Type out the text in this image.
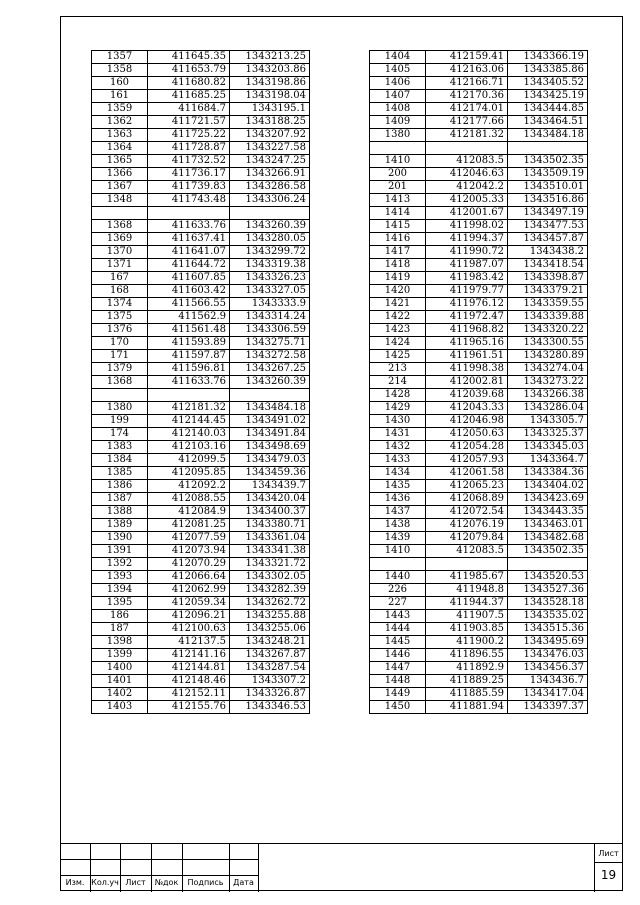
1357	411645.35	1343213.25
1358	411653.79	1343203.86
160	411680.82	1343198.86
161	411685.25	1343198.04
1359	411684.7	1343195.1
1362	411721.57	1343188.25
1363	411725.22	1343207.92
1364	411728.87	1343227.58
1365	411732.52	1343247.25
1366	411736.17	1343266.91
1367	411739.83	1343286.58
1348	411743.48	1343306.24

1368	411633.76	1343260.39
1369	411637.41	1343280.05
1370	411641.07	1343299.72
1371	411644.72	1343319.38
167	411607.85	1343326.23
168	411603.42	1343327.05
1374	411566.55	1343333.9
1375	411562.9	1343314.24
1376	411561.48	1343306.59
170	411593.89	1343275.71
171	411597.87	1343272.58
1379	411596.81	1343267.25
1368	411633.76	1343260.39

1380	412181.32	1343484.18
199	412144.45	1343491.02
174	412140.03	1343491.84
1383	412103.16	1343498.69
1384	412099.5	1343479.03
1385	412095.85	1343459.36
1386	412092.2	1343439.7
1387	412088.55	1343420.04
1388	412084.9	1343400.37
1389	412081.25	1343380.71
1390	412077.59	1343361.04
1391	412073.94	1343341.38
1392	412070.29	1343321.72
1393	412066.64	1343302.05
1394	412062.99	1343282.39
1395	412059.34	1343262.72
186	412096.21	1343255.88
187	412100.63	1343255.06
1398	412137.5	1343248.21
1399	412141.16	1343267.87
1400	412144.81	1343287.54
1401	412148.46	1343307.2
1402	412152.11	1343326.87
1403	412155.76	1343346.53
1404	412159.41	1343366.19
1405	412163.06	1343385.86
1406	412166.71	1343405.52
1407	412170.36	1343425.19
1408	412174.01	1343444.85
1409	412177.66	1343464.51
1380	412181.32	1343484.18

1410	412083.5	1343502.35
200	412046.63	1343509.19
201	412042.2	1343510.01
1413	412005.33	1343516.86
1414	412001.67	1343497.19
1415	411998.02	1343477.53
1416	411994.37	1343457.87
1417	411990.72	1343438.2
1418	411987.07	1343418.54
1419	411983.42	1343398.87
1420	411979.77	1343379.21
1421	411976.12	1343359.55
1422	411972.47	1343339.88
1423	411968.82	1343320.22
1424	411965.16	1343300.55
1425	411961.51	1343280.89
213	411998.38	1343274.04
214	412002.81	1343273.22
1428	412039.68	1343266.38
1429	412043.33	1343286.04
1430	412046.98	1343305.7
1431	412050.63	1343325.37
1432	412054.28	1343345.03
1433	412057.93	1343364.7
1434	412061.58	1343384.36
1435	412065.23	1343404.02
1436	412068.89	1343423.69
1437	412072.54	1343443.35
1438	412076.19	1343463.01
1439	412079.84	1343482.68
1410	412083.5	1343502.35

1440	411985.67	1343520.53
226	411948.8	1343527.36
227	411944.37	1343528.18
1443	411907.5	1343535.02
1444	411903.85	1343515.36
1445	411900.2	1343495.69
1446	411896.55	1343476.03
1447	411892.9	1343456.37
1448	411889.25	1343436.7
1449	411885.59	1343417.04
1450	411881.94	1343397.37
Изм. Кол.уч Лист	№док	Подпись	Дата
Лист
19
